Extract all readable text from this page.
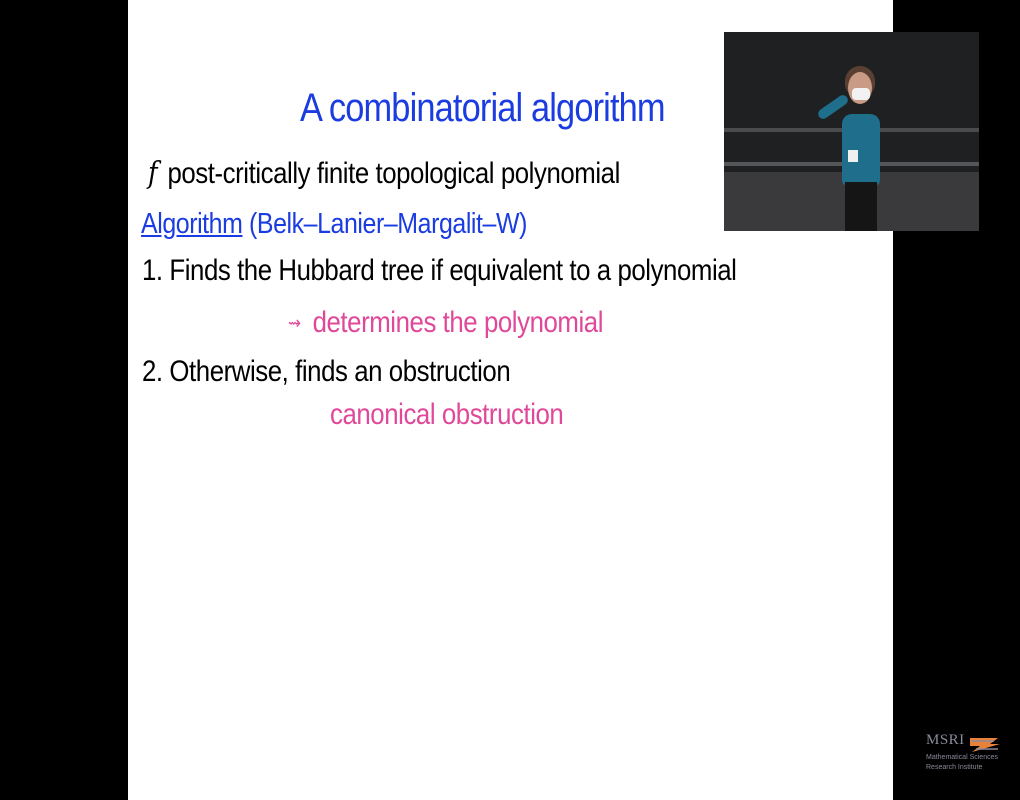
A combinatorial algorithm
f post-critically finite topological polynomial
Algorithm (Belk–Lanier–Margalit–W)
1. Finds the Hubbard tree if equivalent to a polynomial
⇝ determines the polynomial
2. Otherwise, finds an obstruction
canonical obstruction
MSRI
Mathematical Sciences
Research Institute
